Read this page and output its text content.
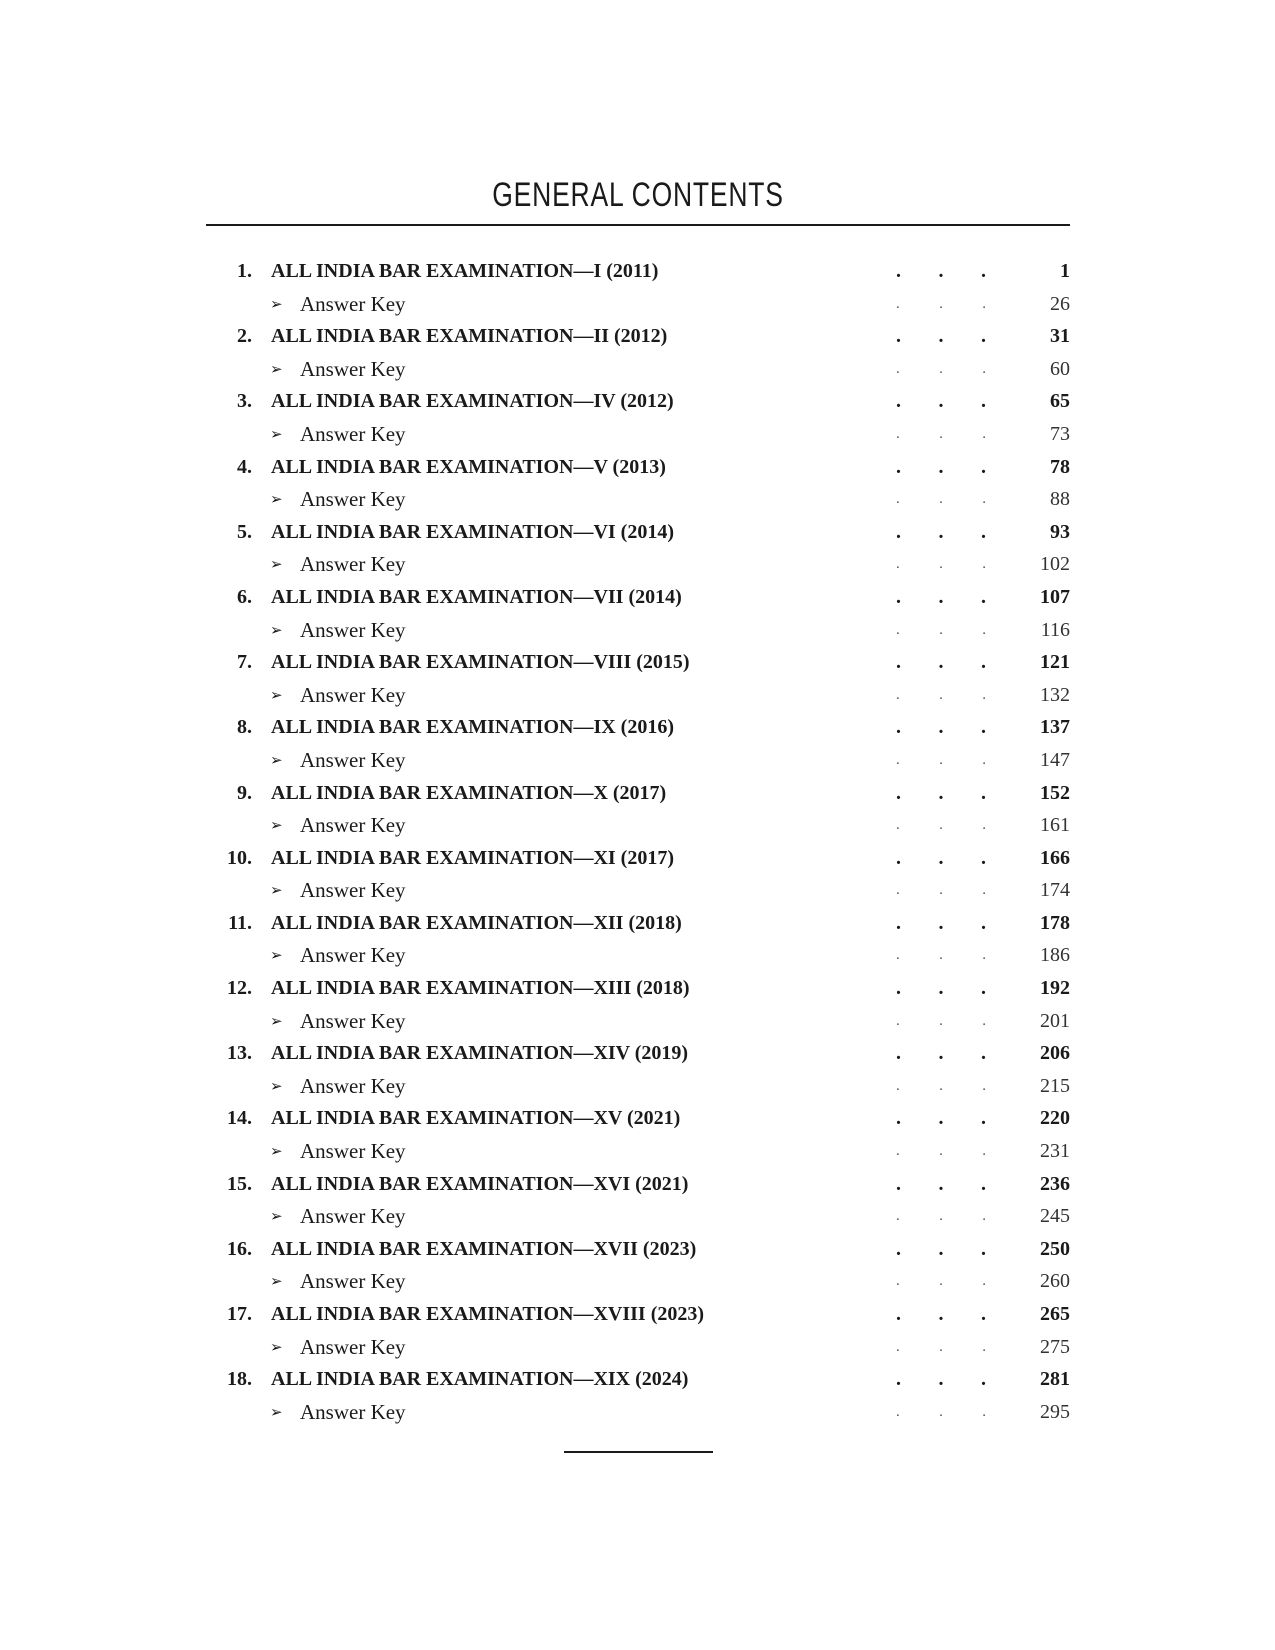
GENERAL CONTENTS
1. ALL INDIA BAR EXAMINATION—I (2011)	. . .	1
➢ Answer Key	.	.	.	26
2. ALL INDIA BAR EXAMINATION—II (2012)	. . .	31
➢ Answer Key	.	.	.	60
3. ALL INDIA BAR EXAMINATION—IV (2012)	. . .	65
➢ Answer Key	.	.	.	73
4. ALL INDIA BAR EXAMINATION—V (2013)	. . .	78
➢ Answer Key	.	.	.	88
5. ALL INDIA BAR EXAMINATION—VI (2014)	. . .	93
➢ Answer Key	.	.	.	102
6. ALL INDIA BAR EXAMINATION—VII (2014)	. . .	107
➢ Answer Key	.	.	.	116
7. ALL INDIA BAR EXAMINATION—VIII (2015)	. . .	121
➢ Answer Key	.	.	.	132
8. ALL INDIA BAR EXAMINATION—IX (2016)	. . .	137
➢ Answer Key	.	.	.	147
9. ALL INDIA BAR EXAMINATION—X (2017)	. . .	152
➢ Answer Key	.	.	.	161
10. ALL INDIA BAR EXAMINATION—XI (2017)	. . .	166
➢ Answer Key	.	.	.	174
11. ALL INDIA BAR EXAMINATION—XII (2018)	. . .	178
➢ Answer Key	.	.	.	186
12. ALL INDIA BAR EXAMINATION—XIII (2018)	. . .	192
➢ Answer Key	.	.	.	201
13. ALL INDIA BAR EXAMINATION—XIV (2019)	. . .	206
➢ Answer Key	.	.	.	215
14. ALL INDIA BAR EXAMINATION—XV (2021)	. . .	220
➢ Answer Key	.	.	.	231
15. ALL INDIA BAR EXAMINATION—XVI (2021)	. . .	236
➢ Answer Key	.	.	.	245
16. ALL INDIA BAR EXAMINATION—XVII (2023)	. . .	250
➢ Answer Key	.	.	.	260
17. ALL INDIA BAR EXAMINATION—XVIII (2023)	. . .	265
➢ Answer Key	.	.	.	275
18. ALL INDIA BAR EXAMINATION—XIX (2024)	. . .	281
➢ Answer Key	.	.	.	295
